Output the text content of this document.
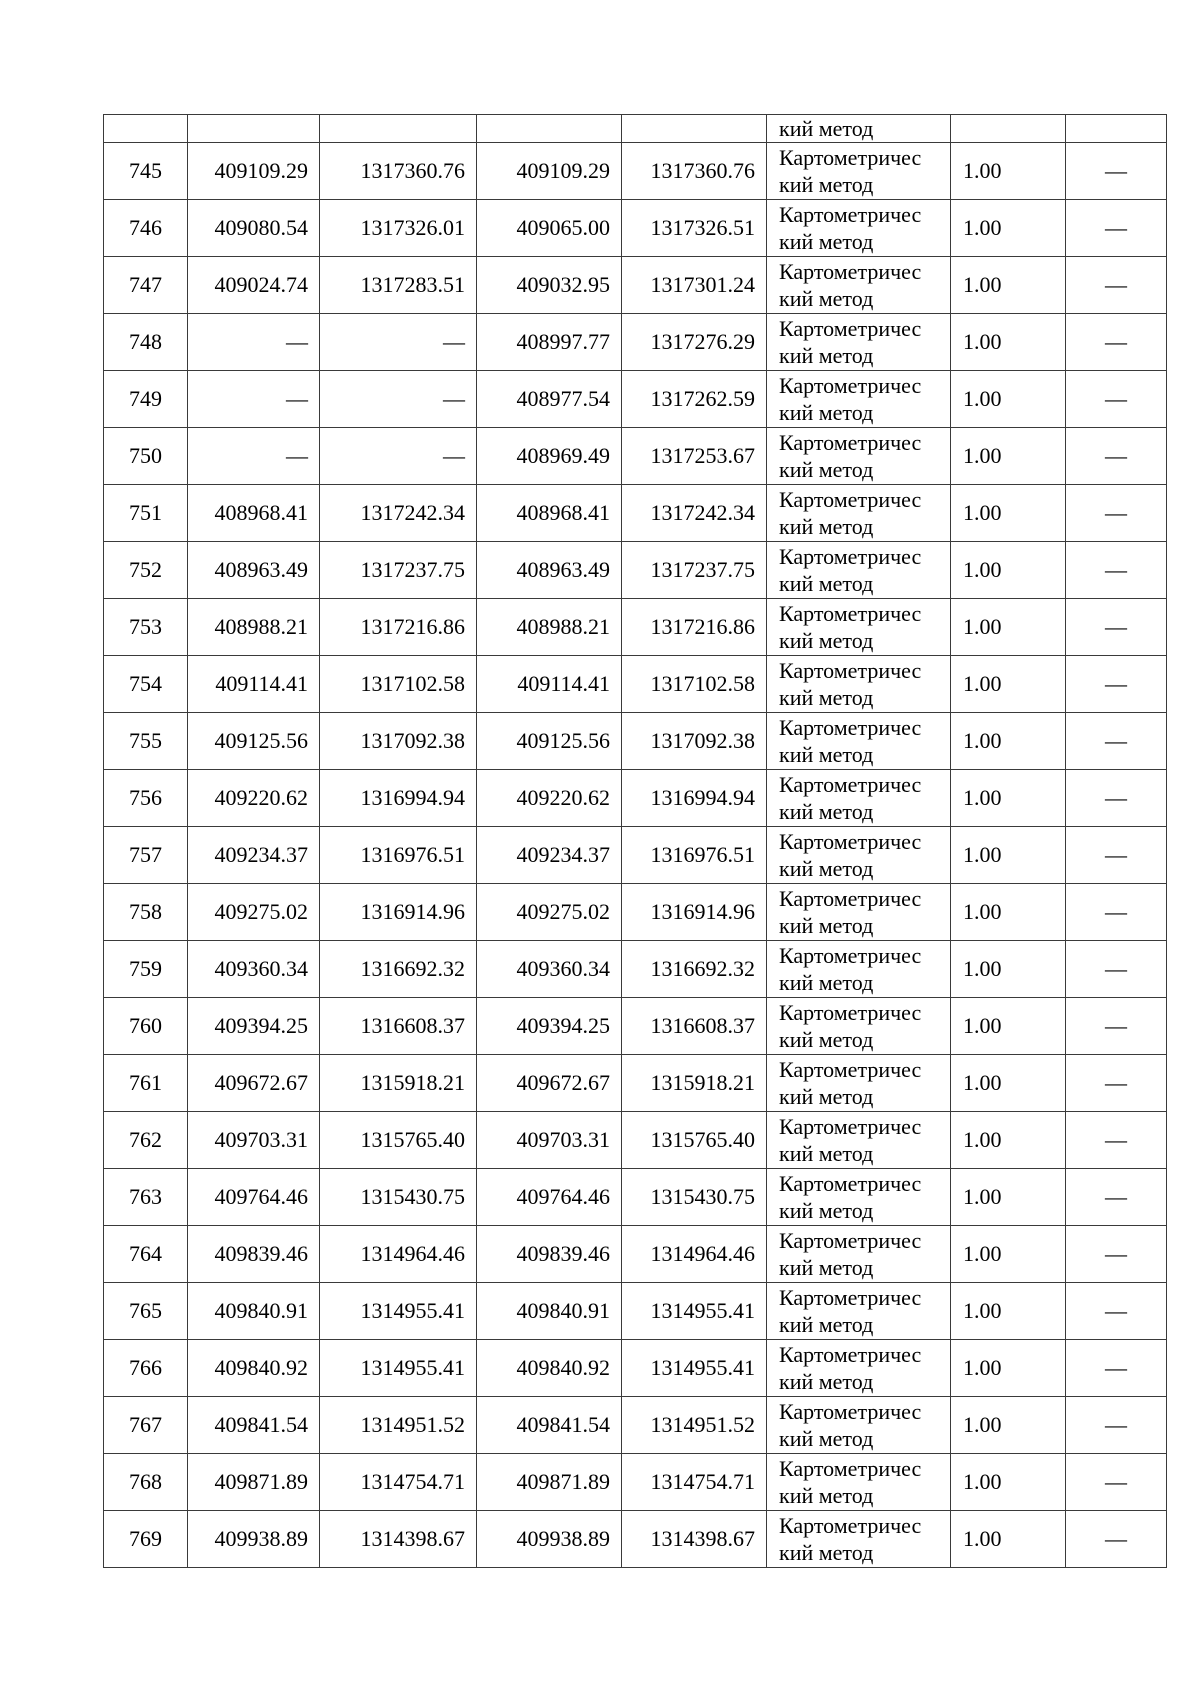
					кий метод		

745	409109.29	1317360.76	409109.29	1317360.76	Картометричес
кий метод	1.00	—
746	409080.54	1317326.01	409065.00	1317326.51	Картометричес
кий метод	1.00	—
747	409024.74	1317283.51	409032.95	1317301.24	Картометричес
кий метод	1.00	—
748	—	—	408997.77	1317276.29	Картометричес
кий метод	1.00	—
749	—	—	408977.54	1317262.59	Картометричес
кий метод	1.00	—
750	—	—	408969.49	1317253.67	Картометричес
кий метод	1.00	—
751	408968.41	1317242.34	408968.41	1317242.34	Картометричес
кий метод	1.00	—
752	408963.49	1317237.75	408963.49	1317237.75	Картометричес
кий метод	1.00	—
753	408988.21	1317216.86	408988.21	1317216.86	Картометричес
кий метод	1.00	—
754	409114.41	1317102.58	409114.41	1317102.58	Картометричес
кий метод	1.00	—
755	409125.56	1317092.38	409125.56	1317092.38	Картометричес
кий метод	1.00	—
756	409220.62	1316994.94	409220.62	1316994.94	Картометричес
кий метод	1.00	—
757	409234.37	1316976.51	409234.37	1316976.51	Картометричес
кий метод	1.00	—
758	409275.02	1316914.96	409275.02	1316914.96	Картометричес
кий метод	1.00	—
759	409360.34	1316692.32	409360.34	1316692.32	Картометричес
кий метод	1.00	—
760	409394.25	1316608.37	409394.25	1316608.37	Картометричес
кий метод	1.00	—
761	409672.67	1315918.21	409672.67	1315918.21	Картометричес
кий метод	1.00	—
762	409703.31	1315765.40	409703.31	1315765.40	Картометричес
кий метод	1.00	—
763	409764.46	1315430.75	409764.46	1315430.75	Картометричес
кий метод	1.00	—
764	409839.46	1314964.46	409839.46	1314964.46	Картометричес
кий метод	1.00	—
765	409840.91	1314955.41	409840.91	1314955.41	Картометричес
кий метод	1.00	—
766	409840.92	1314955.41	409840.92	1314955.41	Картометричес
кий метод	1.00	—
767	409841.54	1314951.52	409841.54	1314951.52	Картометричес
кий метод	1.00	—
768	409871.89	1314754.71	409871.89	1314754.71	Картометричес
кий метод	1.00	—
769	409938.89	1314398.67	409938.89	1314398.67	Картометричес
кий метод	1.00	—
